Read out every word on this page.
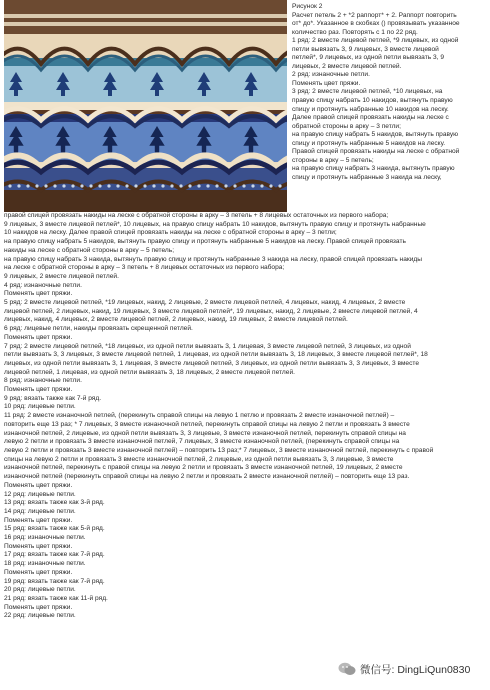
Рисунок 2
Расчет петель 2 + *2 раппорт* + 2. Раппорт повторить
от* до*. Указанное в скобках () провязывать указанное
количество раз. Повторять с 1 по 22 ряд.
1 ряд: 2 вместе лицевой петлей, *9 лицевых, из одной
петли вывязать 3, 9 лицевых, 3 вместе лицевой
петлей*, 9 лицевых, из одной петли вывязать 3, 9
лицевых, 2 вместе лицевой петлей.
2 ряд: изнаночные петли.
Поменять цвет пряжи.
3 ряд: 2 вместе лицевой петлей, *10 лицевых, на
правую спицу набрать 10 накидов, вытянуть правую
спицу и протянуть набранные 10 накидов на леску.
Далее правой спицей провязать накиды на леске с
обратной стороны в арку – 3 петли;
на правую спицу набрать 5 накидов, вытянуть правую
спицу и протянуть набранные 5 накидов на леску.
Правой спицей провязать накиды на леске с обратной
стороны в арку – 5 петель;
на правую спицу набрать 3 накида, вытянуть правую
спицу и протянуть набранные 3 накида на леску,
правой спицей провязать накиды на леске с обратной стороны в арку – 3 петель + 8 лицевых остаточных из первого набора;
9 лицевых, 3 вместе лицевой петлей*, 10 лицевых, на правую спицу набрать 10 накидов, вытянуть правую спицу и протянуть набранные
10 накидов на леску. Далее правой спицей провязать накиды на леске с обратной стороны в арку – 3 петли;
на правую спицу набрать 5 накидов, вытянуть правую спицу и протянуть набранные 5 накидов на леску. Правой спицей провязать
накиды на леске с обратной стороны в арку – 5 петель;
на правую спицу набрать 3 накида, вытянуть правую спицу и протянуть набранные 3 накида на леску, правой спицей провязать накиды
на леске с обратной стороны в арку – 3 петель + 8 лицевых остаточных из первого набора;
9 лицевых, 2 вместе лицевой петлей.
4 ряд: изнаночные петли.
Поменять цвет пряжи.
5 ряд: 2 вместе лицевой петлей, *19 лицевых, накид, 2 лицевые, 2 вместе лицевой петлей, 4 лицевых, накид, 4 лицевых, 2 вместе
лицевой петлей, 2 лицевых, накид, 19 лицевых, 3 вместе лицевой петлей*, 19 лицевых, накид, 2 лицевые, 2 вместе лицевой петлей, 4
лицевых, накид, 4 лицевых, 2 вместе лицевой петлей, 2 лицевых, накид, 19 лицевых, 2 вместе лицевой петлей.
6 ряд: лицевые петли, накиды провязать скрещенной петлей.
Поменять цвет пряжи.
7 ряд: 2 вместе лицевой петлей, *18 лицевых, из одной петли вывязать 3, 1 лицевая, 3 вместе лицевой петлей, 3 лицевых, из одной
петли вывязать 3, 3 лицевых, 3 вместе лицевой петлей, 1 лицевая, из одной петли вывязать 3, 18 лицевых, 3 вместе лицевой петлей*, 18
лицевых, из одной петли вывязать 3, 1 лицевая, 3 вместе лицевой петлей, 3 лицевых, из одной петли вывязать 3, 3 лицевых, 3 вместе
лицевой петлей, 1 лицевая, из одной петли вывязать 3, 18 лицевых, 2 вместе лицевой петлей.
8 ряд: изнаночные петли.
Поменять цвет пряжи.
9 ряд: вязать также как 7-й ряд.
10 ряд: лицевые петли.
11 ряд: 2 вместе изнаночной петлей, (перекинуть справой спицы на левую 1 петлю и провязать 2 вместе изнаночной петлей) –
повторить еще 13 раз; * 7 лицевых, 3 вместе изнаночной петлей, перекинуть справой спицы на левую 2 петли и провязать 3 вместе
изнаночной петлей, 2 лицевые, из одной петли вывязать 3, 3 лицевые, 3 вместе изнаночной петлей, перекинуть справой спицы на
левую 2 петли и провязать 3 вместе изнаночной петлей, 7 лицевых, 3 вместе изнаночной петлей, (перекинуть справой спицы на
левую 2 петли и провязать 3 вместе изнаночной петлей) – повторить 13 раз;* 7 лицевых, 3 вместе изнаночной петлей, перекинуть с правой
спицы на левую 2 петли и провязать 3 вместе изнаночной петлей, 2 лицевые, из одной петли вывязать 3, 3 лицевые, 3 вместе
изнаночной петлей, перекинуть с правой спицы на левую 2 петли и провязать 3 вместе изнаночной петлей, 19 лицевых, 2 вместе
изнаночной петлей (перекинуть справой спицы на левую 2 петли и провязать 2 вместе изнаночной петлей) – повторить еще 13 раз.
Поменять цвет пряжи.
12 ряд: лицевые петли.
13 ряд: вязать также как 3-й ряд.
14 ряд: лицевые петли.
Поменять цвет пряжи.
15 ряд: вязать также как 5-й ряд.
16 ряд: изнаночные петли.
Поменять цвет пряжи.
17 ряд: вязать также как 7-й ряд.
18 ряд: изнаночные петли.
Поменять цвет пряжи.
19 ряд: вязать также как 7-й ряд.
20 ряд: лицевые петли.
21 ряд: вязать также как 11-й ряд.
Поменять цвет пряжи.
22 ряд: лицевые петли.
微信号: DingLiQun0830
